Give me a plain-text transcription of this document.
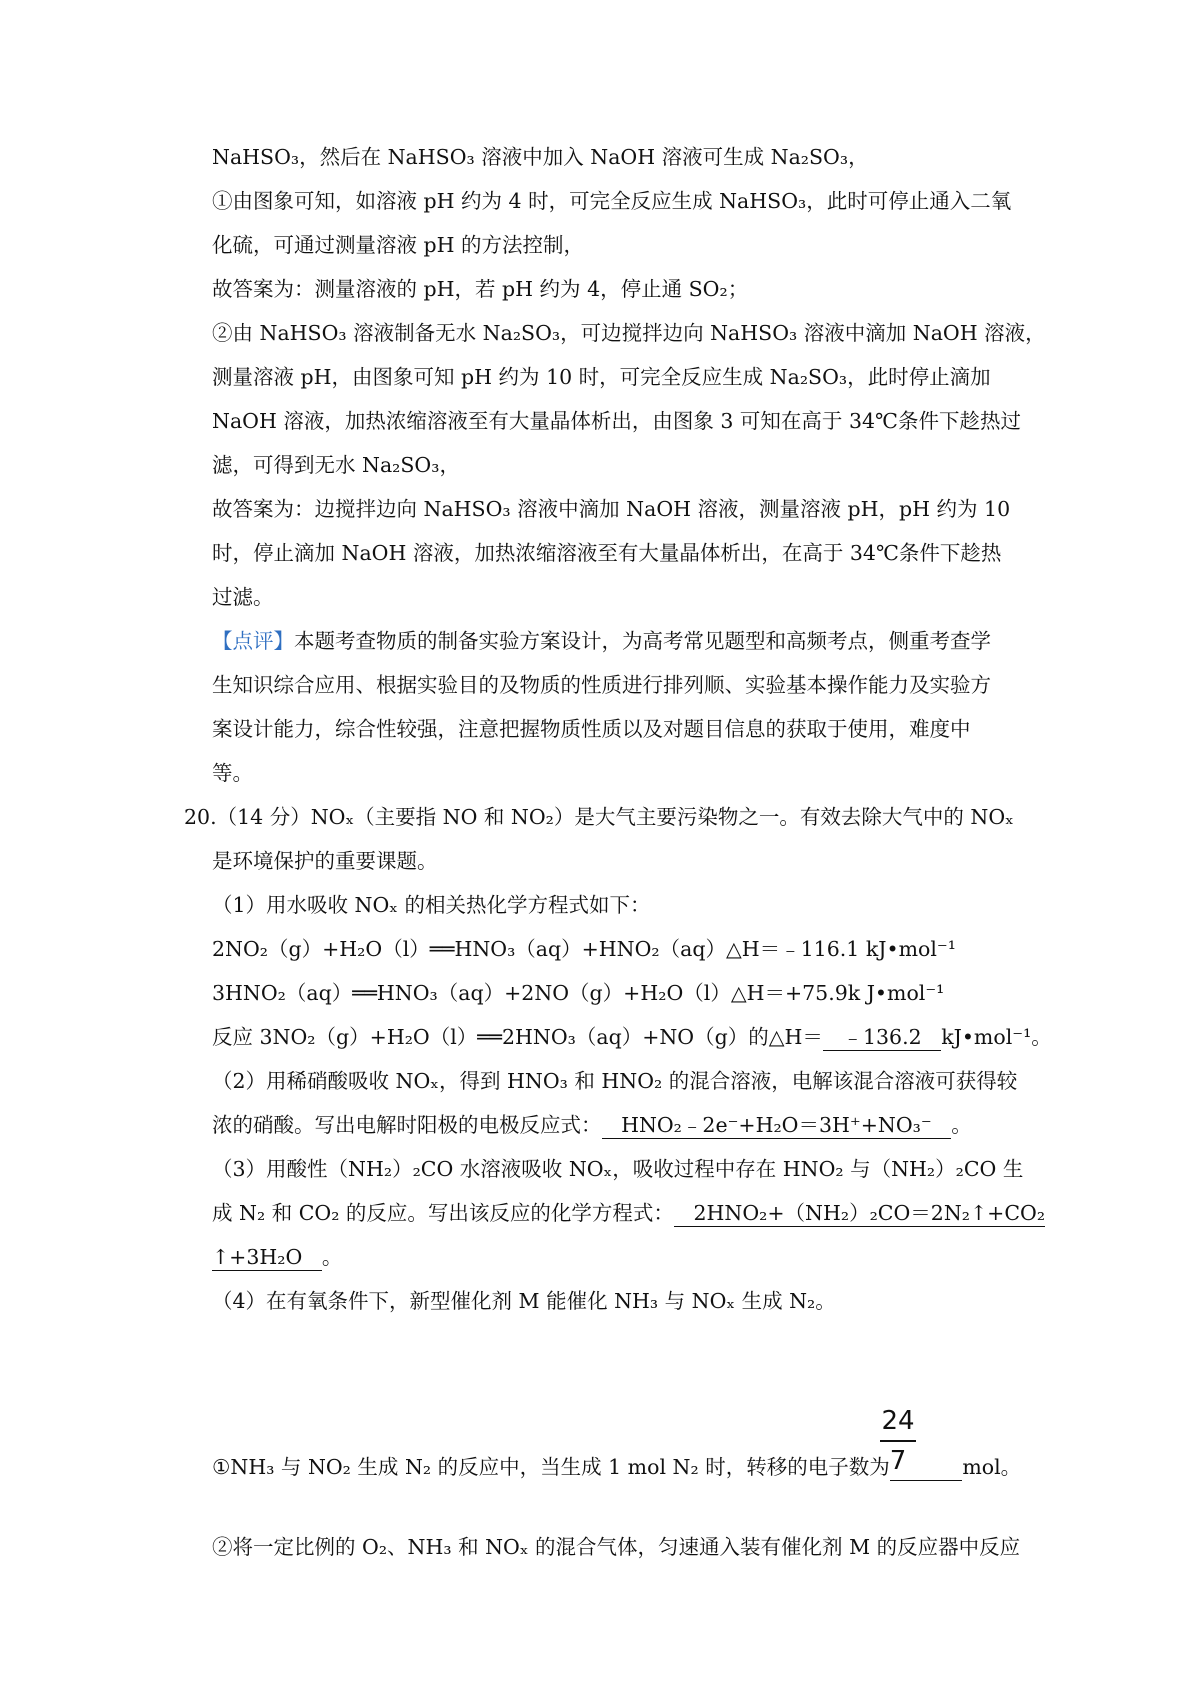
NaHSO₃，然后在 NaHSO₃ 溶液中加入 NaOH 溶液可生成 Na₂SO₃，
①由图象可知，如溶液 pH 约为 4 时，可完全反应生成 NaHSO₃，此时可停止通入二氧
化硫，可通过测量溶液 pH 的方法控制，
故答案为：测量溶液的 pH，若 pH 约为 4，停止通 SO₂；
②由 NaHSO₃ 溶液制备无水 Na₂SO₃，可边搅拌边向 NaHSO₃ 溶液中滴加 NaOH 溶液，
测量溶液 pH，由图象可知 pH 约为 10 时，可完全反应生成 Na₂SO₃，此时停止滴加
NaOH 溶液，加热浓缩溶液至有大量晶体析出，由图象 3 可知在高于 34℃条件下趁热过
滤，可得到无水 Na₂SO₃，
故答案为：边搅拌边向 NaHSO₃ 溶液中滴加 NaOH 溶液，测量溶液 pH，pH 约为 10
时，停止滴加 NaOH 溶液，加热浓缩溶液至有大量晶体析出，在高于 34℃条件下趁热
过滤。
【点评】本题考查物质的制备实验方案设计，为高考常见题型和高频考点，侧重考查学
生知识综合应用、根据实验目的及物质的性质进行排列顺、实验基本操作能力及实验方
案设计能力，综合性较强，注意把握物质性质以及对题目信息的获取于使用，难度中
等。
20.（14 分）NOₓ（主要指 NO 和 NO₂）是大气主要污染物之一。有效去除大气中的 NOₓ
是环境保护的重要课题。
（1）用水吸收 NOₓ 的相关热化学方程式如下：
2NO₂（g）+H₂O（l）══HNO₃（aq）+HNO₂（aq）△H＝﹣116.1 kJ•mol⁻¹
3HNO₂（aq）══HNO₃（aq）+2NO（g）+H₂O（l）△H＝+75.9k J•mol⁻¹
反应 3NO₂（g）+H₂O（l）══2HNO₃（aq）+NO（g）的△H＝ ﹣136.2 kJ•mol⁻¹。
（2）用稀硝酸吸收 NOₓ，得到 HNO₃ 和 HNO₂ 的混合溶液，电解该混合溶液可获得较
浓的硝酸。写出电解时阳极的电极反应式： HNO₂﹣2e⁻+H₂O＝3H⁺+NO₃⁻ 。
（3）用酸性（NH₂）₂CO 水溶液吸收 NOₓ，吸收过程中存在 HNO₂ 与（NH₂）₂CO 生
成 N₂ 和 CO₂ 的反应。写出该反应的化学方程式： 2HNO₂+（NH₂）₂CO＝2N₂↑+CO₂
↑+3H₂O 。
（4）在有氧条件下，新型催化剂 M 能催化 NH₃ 与 NOₓ 生成 N₂。
①NH₃ 与 NO₂ 生成 N₂ 的反应中，当生成 1 mol N₂ 时，转移的电子数为	mol。
24
7
②将一定比例的 O₂、NH₃ 和 NOₓ 的混合气体，匀速通入装有催化剂 M 的反应器中反应
